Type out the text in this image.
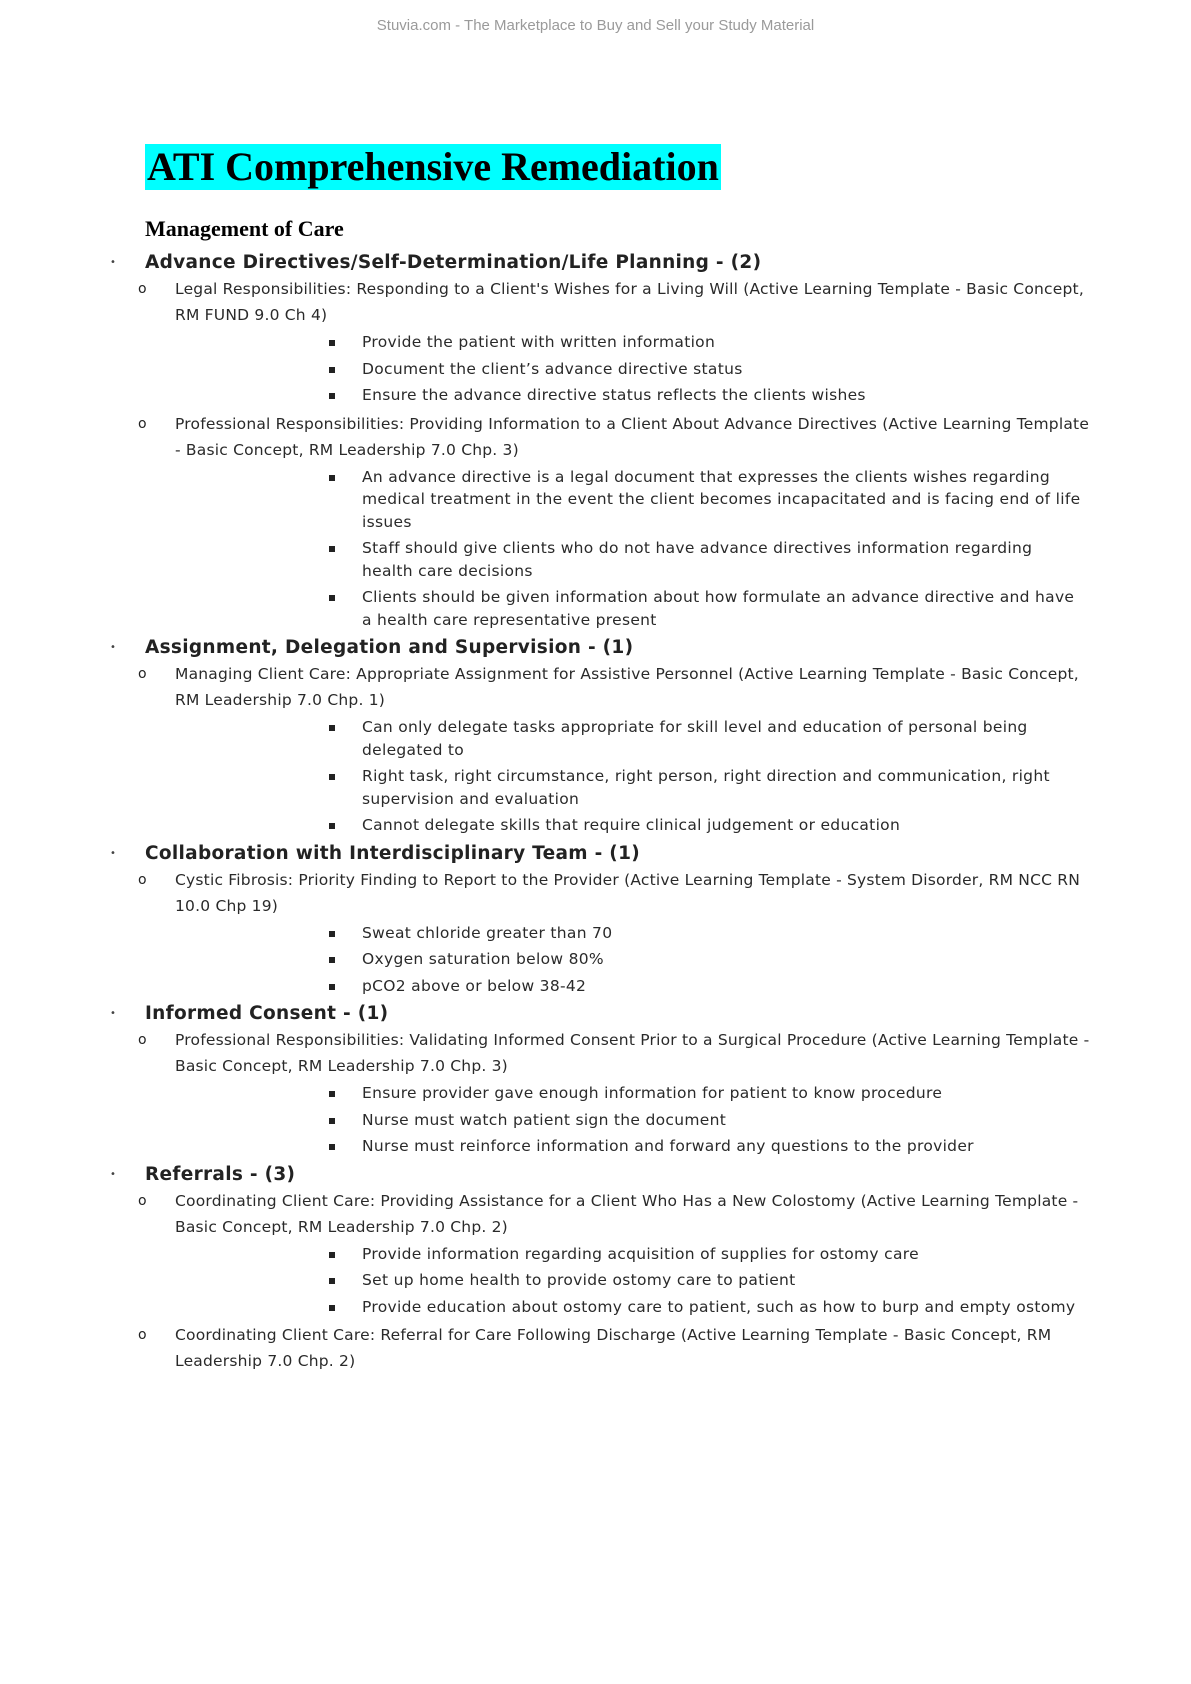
Stuvia.com - The Marketplace to Buy and Sell your Study Material
ATI Comprehensive Remediation
Management of Care
• Advance Directives/Self-Determination/Life Planning - (2)
o Legal Responsibilities: Responding to a Client's Wishes for a Living Will (Active Learning Template - Basic Concept, RM FUND 9.0 Ch 4)
Provide the patient with written information
Document the client’s advance directive status
Ensure the advance directive status reflects the clients wishes
o Professional Responsibilities: Providing Information to a Client About Advance Directives (Active Learning Template - Basic Concept, RM Leadership 7.0 Chp. 3)
An advance directive is a legal document that expresses the clients wishes regarding medical treatment in the event the client becomes incapacitated and is facing end of life issues
Staff should give clients who do not have advance directives information regarding health care decisions
Clients should be given information about how formulate an advance directive and have a health care representative present
• Assignment, Delegation and Supervision - (1)
o Managing Client Care: Appropriate Assignment for Assistive Personnel (Active Learning Template - Basic Concept, RM Leadership 7.0 Chp. 1)
Can only delegate tasks appropriate for skill level and education of personal being delegated to
Right task, right circumstance, right person, right direction and communication, right supervision and evaluation
Cannot delegate skills that require clinical judgement or education
• Collaboration with Interdisciplinary Team - (1)
o Cystic Fibrosis: Priority Finding to Report to the Provider (Active Learning Template - System Disorder, RM NCC RN 10.0 Chp 19)
Sweat chloride greater than 70
Oxygen saturation below 80%
pCO2 above or below 38-42
• Informed Consent - (1)
o Professional Responsibilities: Validating Informed Consent Prior to a Surgical Procedure (Active Learning Template - Basic Concept, RM Leadership 7.0 Chp. 3)
Ensure provider gave enough information for patient to know procedure
Nurse must watch patient sign the document
Nurse must reinforce information and forward any questions to the provider
• Referrals - (3)
o Coordinating Client Care: Providing Assistance for a Client Who Has a New Colostomy (Active Learning Template - Basic Concept, RM Leadership 7.0 Chp. 2)
Provide information regarding acquisition of supplies for ostomy care
Set up home health to provide ostomy care to patient
Provide education about ostomy care to patient, such as how to burp and empty ostomy
o Coordinating Client Care: Referral for Care Following Discharge (Active Learning Template - Basic Concept, RM Leadership 7.0 Chp. 2)
